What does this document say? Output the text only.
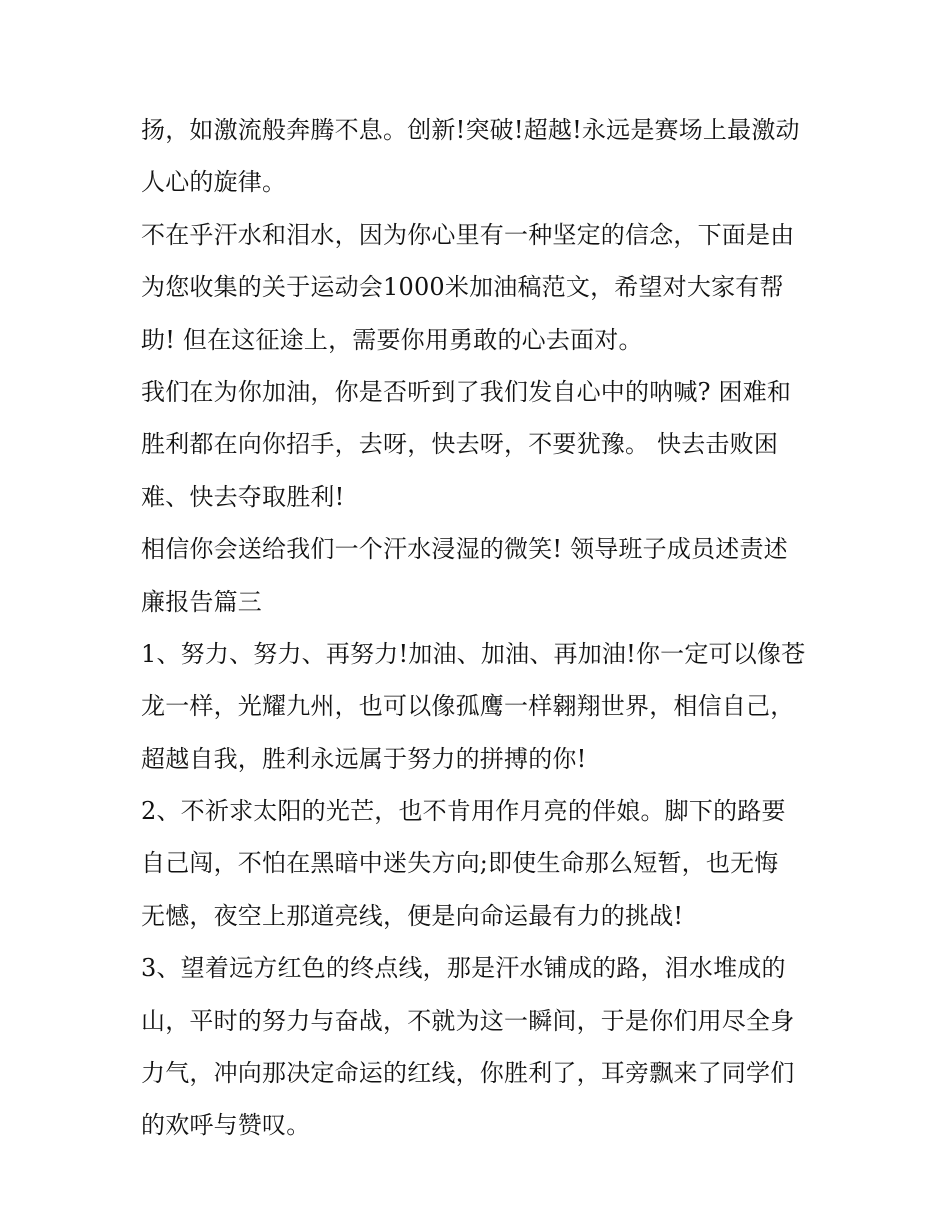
扬，如激流般奔腾不息。创新!突破!超越!永远是赛场上最激动
人心的旋律。
不在乎汗水和泪水，因为你心里有一种坚定的信念，下面是由
为您收集的关于运动会1000米加油稿范文，希望对大家有帮
助! 但在这征途上，需要你用勇敢的心去面对。
我们在为你加油，你是否听到了我们发自心中的呐喊? 困难和
胜利都在向你招手，去呀，快去呀，不要犹豫。 快去击败困
难、快去夺取胜利!
相信你会送给我们一个汗水浸湿的微笑! 领导班子成员述责述
廉报告篇三
1、努力、努力、再努力!加油、加油、再加油!你一定可以像苍
龙一样，光耀九州，也可以像孤鹰一样翱翔世界，相信自己，
超越自我，胜利永远属于努力的拼搏的你!
2、不祈求太阳的光芒，也不肯用作月亮的伴娘。脚下的路要
自己闯，不怕在黑暗中迷失方向;即使生命那么短暂，也无悔
无憾，夜空上那道亮线，便是向命运最有力的挑战!
3、望着远方红色的终点线，那是汗水铺成的路，泪水堆成的
山，平时的努力与奋战，不就为这一瞬间，于是你们用尽全身
力气，冲向那决定命运的红线，你胜利了，耳旁飘来了同学们
的欢呼与赞叹。
